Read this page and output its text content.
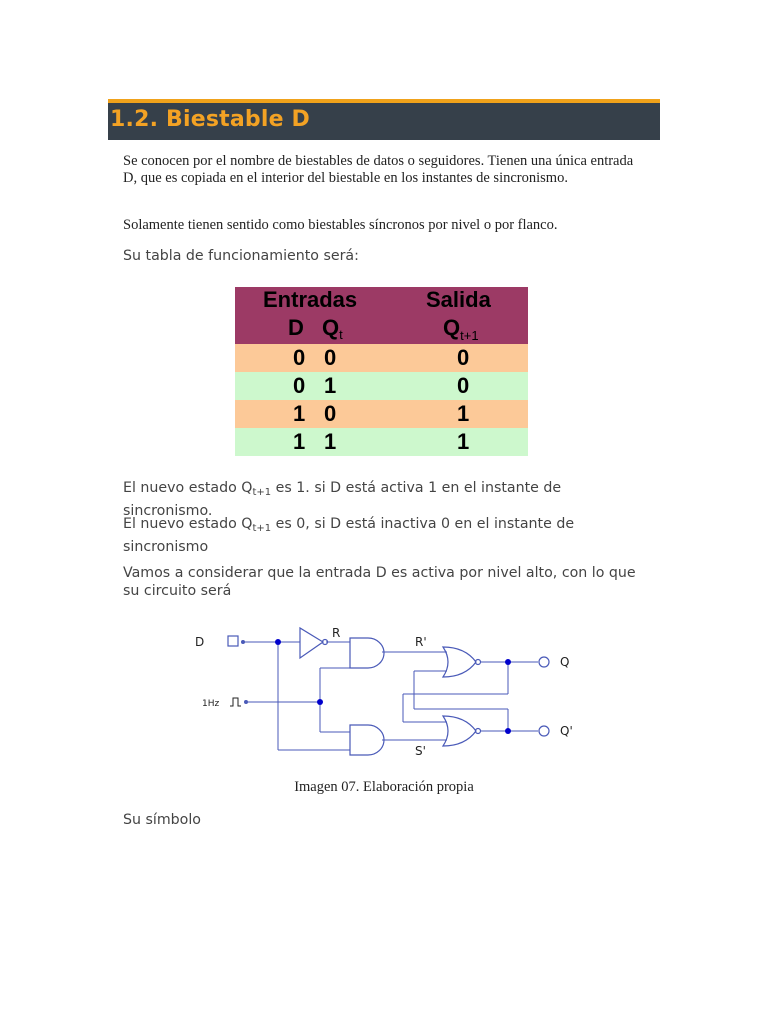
1.2. Biestable D

Se conocen por el nombre de biestables de datos o seguidores. Tienen una única entrada D, que es copiada en el interior del biestable en los instantes de sincronismo.

Solamente tienen sentido como biestables síncronos por nivel o por flanco.

Su tabla de funcionamiento será:

Entradas	Salida
D $Q_t$	$Q_{t+1}$
0 0	0
0 1	0
1 0	1
1 1	1

El nuevo estado $Q_{t+1}$ es 1. si D está activa 1 en el instante de sincronismo.

El nuevo estado $Q_{t+1}$ es 0, si D está inactiva 0 en el instante de sincronismo

Vamos a considerar que la entrada D es activa por nivel alto, con lo que su circuito será

D
1Hz
R
R'
S'
Q
Q'
Imagen 07. Elaboración propia

Su símbolo
